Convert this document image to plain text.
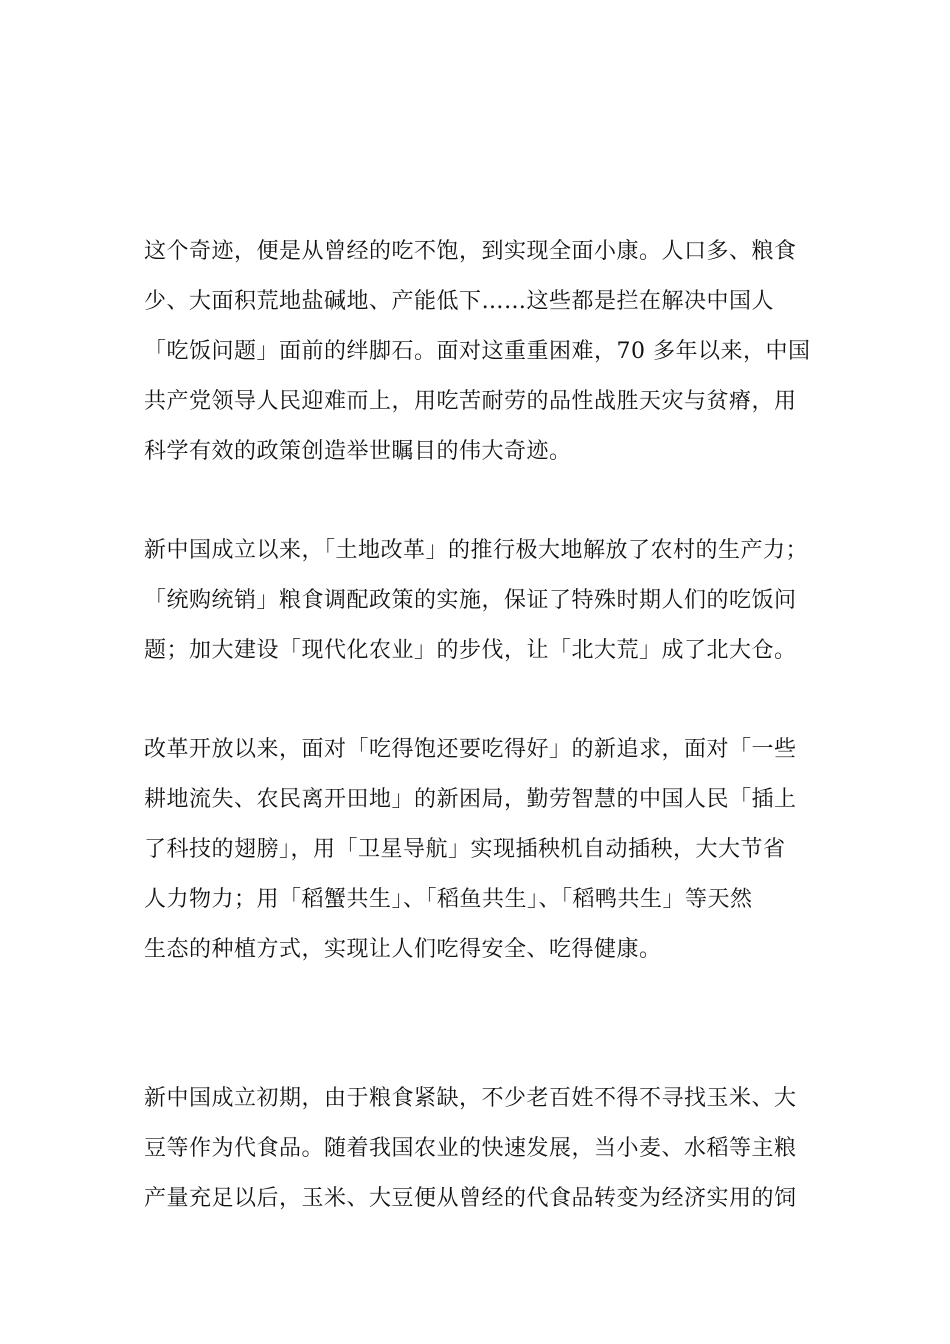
这个奇迹，便是从曾经的吃不饱，到实现全面小康。人口多、粮食
少、大面积荒地盐碱地、产能低下……这些都是拦在解决中国人
「吃饭问题」面前的绊脚石。面对这重重困难，70 多年以来，中国
共产党领导人民迎难而上，用吃苦耐劳的品性战胜天灾与贫瘠，用
科学有效的政策创造举世瞩目的伟大奇迹。
新中国成立以来，「土地改革」的推行极大地解放了农村的生产力；
「统购统销」粮食调配政策的实施，保证了特殊时期人们的吃饭问
题；加大建设「现代化农业」的步伐，让「北大荒」成了北大仓。
改革开放以来，面对「吃得饱还要吃得好」的新追求，面对「一些
耕地流失、农民离开田地」的新困局，勤劳智慧的中国人民「插上
了科技的翅膀」，用「卫星导航」实现插秧机自动插秧，大大节省
人力物力；用「稻蟹共生」、「稻鱼共生」、「稻鸭共生」等天然
生态的种植方式，实现让人们吃得安全、吃得健康。
新中国成立初期，由于粮食紧缺，不少老百姓不得不寻找玉米、大
豆等作为代食品。随着我国农业的快速发展，当小麦、水稻等主粮
产量充足以后，玉米、大豆便从曾经的代食品转变为经济实用的饲
